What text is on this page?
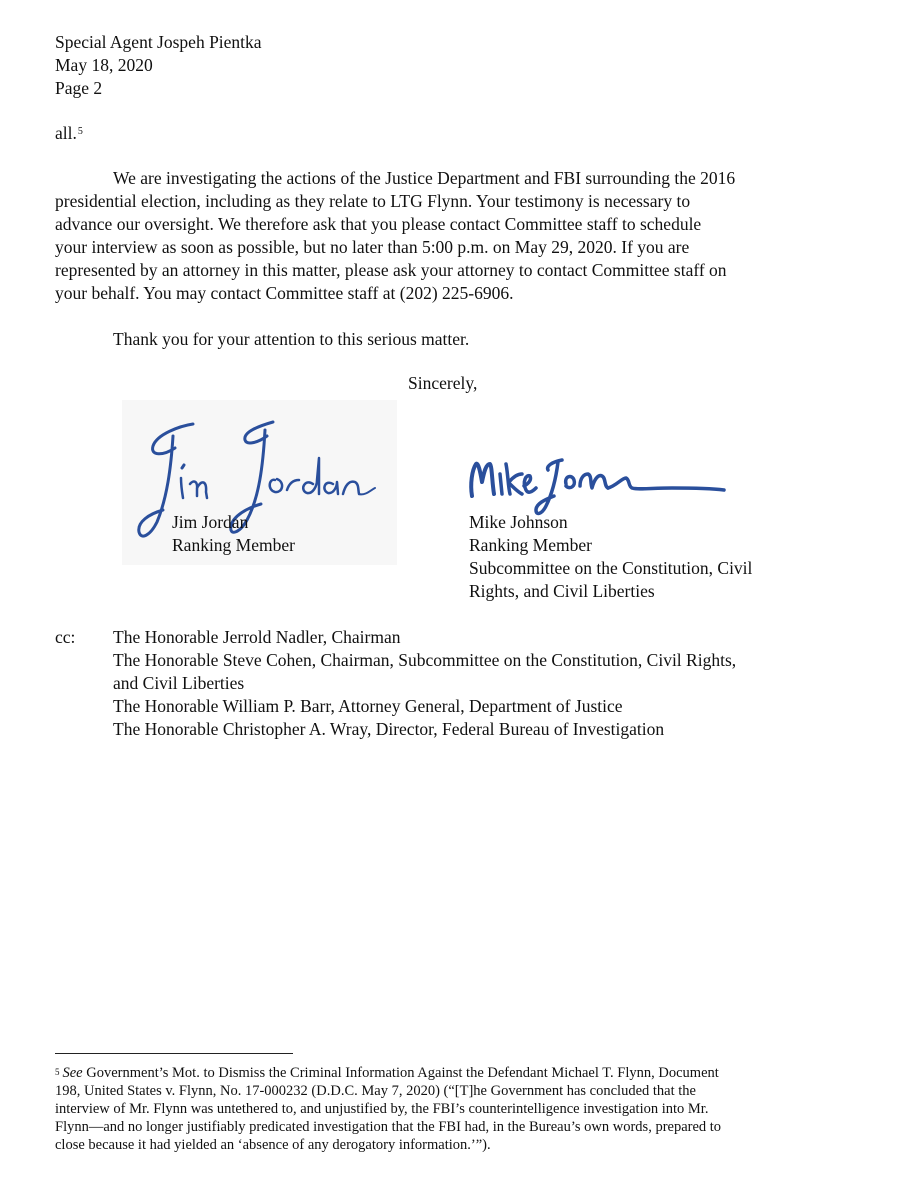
Special Agent Jospeh Pientka
May 18, 2020
Page 2
all.$^5$
We are investigating the actions of the Justice Department and FBI surrounding the 2016
presidential election, including as they relate to LTG Flynn. Your testimony is necessary to
advance our oversight. We therefore ask that you please contact Committee staff to schedule
your interview as soon as possible, but no later than 5:00 p.m. on May 29, 2020. If you are
represented by an attorney in this matter, please ask your attorney to contact Committee staff on
your behalf. You may contact Committee staff at (202) 225-6906.
Thank you for your attention to this serious matter.
Sincerely,
Jim Jordan
Ranking Member
Mike Johnson
Ranking Member
Subcommittee on the Constitution, Civil
Rights, and Civil Liberties
cc: The Honorable Jerrold Nadler, Chairman
The Honorable Steve Cohen, Chairman, Subcommittee on the Constitution, Civil Rights,
and Civil Liberties
The Honorable William P. Barr, Attorney General, Department of Justice
The Honorable Christopher A. Wray, Director, Federal Bureau of Investigation
$^5$ See Government’s Mot. to Dismiss the Criminal Information Against the Defendant Michael T. Flynn, Document
198, United States v. Flynn, No. 17-000232 (D.D.C. May 7, 2020) (“[T]he Government has concluded that the
interview of Mr. Flynn was untethered to, and unjustified by, the FBI’s counterintelligence investigation into Mr.
Flynn—and no longer justifiably predicated investigation that the FBI had, in the Bureau’s own words, prepared to
close because it had yielded an ‘absence of any derogatory information.’”).
